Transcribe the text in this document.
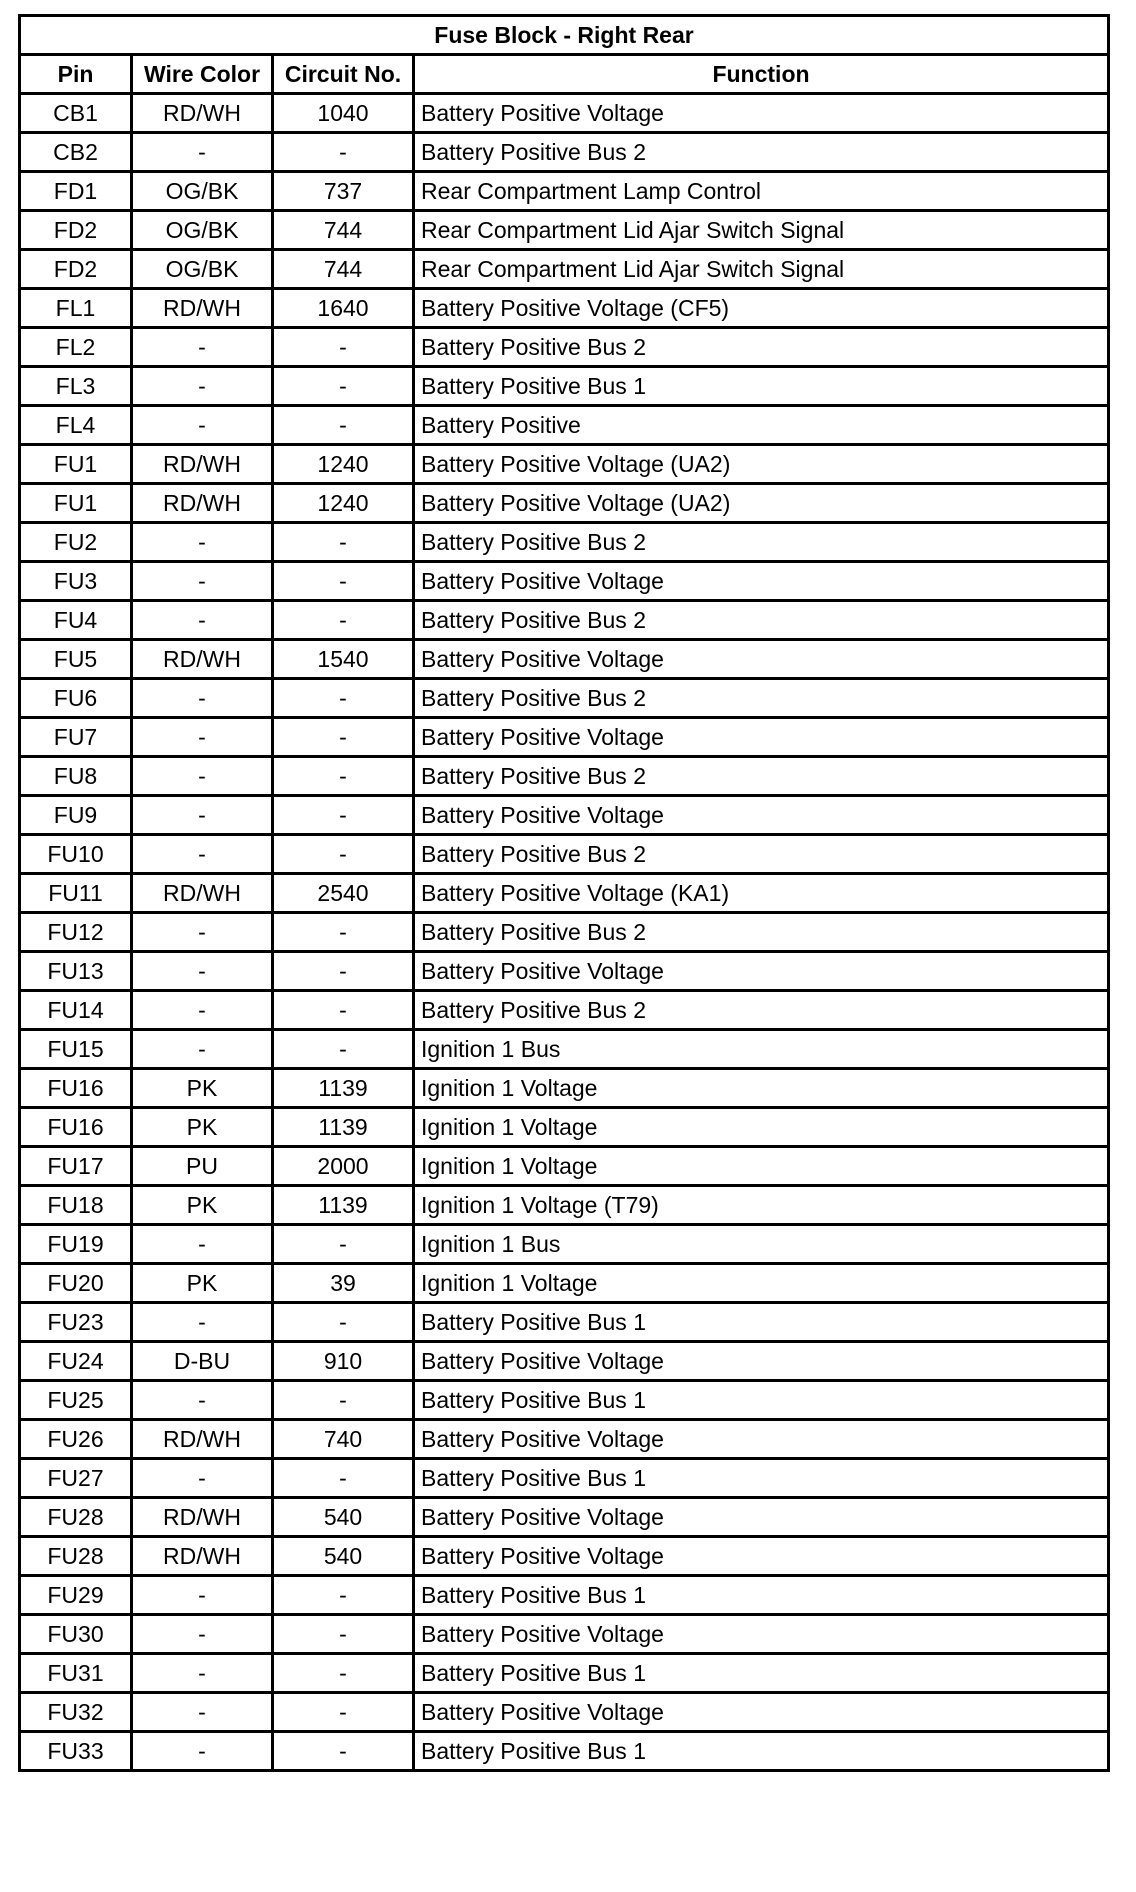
Fuse Block - Right Rear			
Pin	Wire Color	Circuit No.	Function
CB1	RD/WH	1040	Battery Positive Voltage
CB2	-	-	Battery Positive Bus 2
FD1	OG/BK	737	Rear Compartment Lamp Control
FD2	OG/BK	744	Rear Compartment Lid Ajar Switch Signal
FD2	OG/BK	744	Rear Compartment Lid Ajar Switch Signal
FL1	RD/WH	1640	Battery Positive Voltage (CF5)
FL2	-	-	Battery Positive Bus 2
FL3	-	-	Battery Positive Bus 1
FL4	-	-	Battery Positive
FU1	RD/WH	1240	Battery Positive Voltage (UA2)
FU1	RD/WH	1240	Battery Positive Voltage (UA2)
FU2	-	-	Battery Positive Bus 2
FU3	-	-	Battery Positive Voltage
FU4	-	-	Battery Positive Bus 2
FU5	RD/WH	1540	Battery Positive Voltage
FU6	-	-	Battery Positive Bus 2
FU7	-	-	Battery Positive Voltage
FU8	-	-	Battery Positive Bus 2
FU9	-	-	Battery Positive Voltage
FU10	-	-	Battery Positive Bus 2
FU11	RD/WH	2540	Battery Positive Voltage (KA1)
FU12	-	-	Battery Positive Bus 2
FU13	-	-	Battery Positive Voltage
FU14	-	-	Battery Positive Bus 2
FU15	-	-	Ignition 1 Bus
FU16	PK	1139	Ignition 1 Voltage
FU16	PK	1139	Ignition 1 Voltage
FU17	PU	2000	Ignition 1 Voltage
FU18	PK	1139	Ignition 1 Voltage (T79)
FU19	-	-	Ignition 1 Bus
FU20	PK	39	Ignition 1 Voltage
FU23	-	-	Battery Positive Bus 1
FU24	D-BU	910	Battery Positive Voltage
FU25	-	-	Battery Positive Bus 1
FU26	RD/WH	740	Battery Positive Voltage
FU27	-	-	Battery Positive Bus 1
FU28	RD/WH	540	Battery Positive Voltage
FU28	RD/WH	540	Battery Positive Voltage
FU29	-	-	Battery Positive Bus 1
FU30	-	-	Battery Positive Voltage
FU31	-	-	Battery Positive Bus 1
FU32	-	-	Battery Positive Voltage
FU33	-	-	Battery Positive Bus 1
